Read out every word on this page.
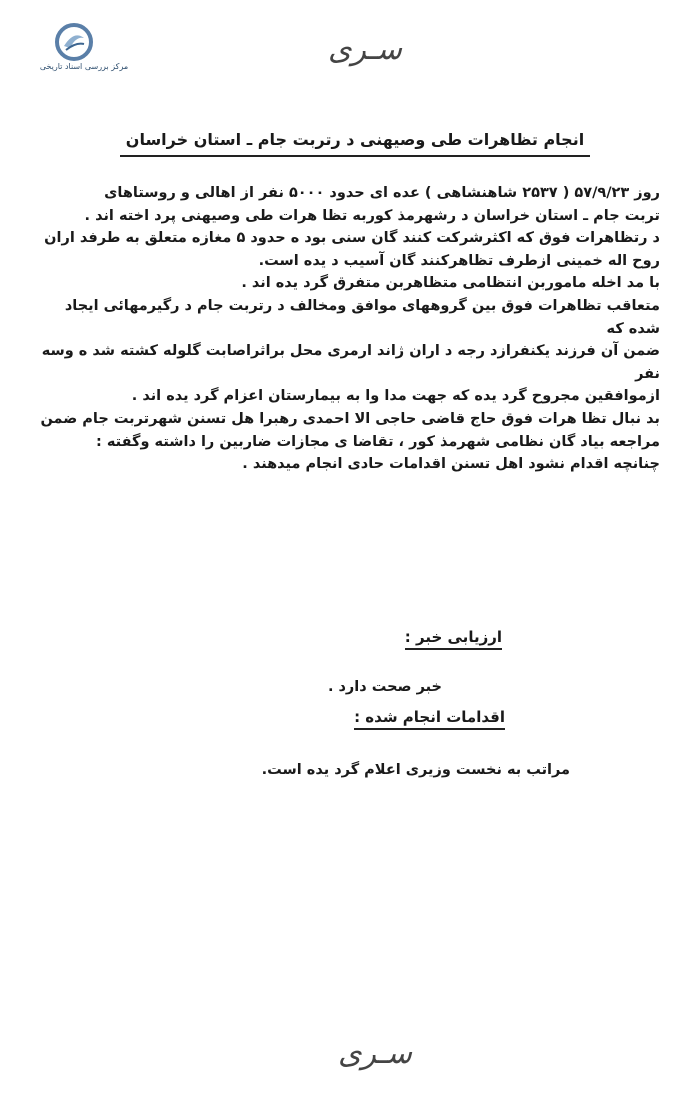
مرکز بررسی اسناد تاریخی	سـرى
انجام تظاهرات طی وصیهنی د رتربت جام ـ استان خراسان

روز ۵۷/۹/۲۳ ( ۲۵۳۷ شاهنشاهی ) عده ای حدود ۵۰۰۰ نفر از اهالی و روستاهای

تربت جام ـ استان خراسان د رشهرمذ کوربه تظا هرات طی وصیهنی پرد اخته اند .

د رتظاهرات فوق که اکثرشرکت کنند گان سنی بود ه حدود ۵ مغازه متعلق به طرفد اران

روح اله خمینی ازطرف تظاهرکنند گان آسیب د یده است.

با مد اخله ماموربن انتظامی متظاهربن متفرق گرد یده اند .

متعاقب تظاهرات فوق بین گروههای موافق ومخالف د رتربت جام د رگیرمهائی ایجاد شده که

ضمن آن فرزند یکنفرازد رجه د اران ژاند ارمری محل براثراصابت گلوله کشته شد ه وسه نفر

ازموافقین مجروح گرد یده که جهت مدا وا به بیمارستان اعزام گرد یده اند .

بد نبال تظا هرات فوق حاج قاضی حاجی الا احمدی رهبرا هل تسنن شهرتربت جام ضمن

مراجعه بیاد گان نظامی شهرمذ کور ، تقاضا ی مجازات ضاربین را داشته وگفته :

چنانچه اقدام نشود اهل تسنن اقدامات حادی انجام میدهند .

ارزیابی خبر :
خبر صحت دارد .
اقدامات انجام شده :
مراتب به نخست وزیری اعلام گرد یده است.
سـرى
